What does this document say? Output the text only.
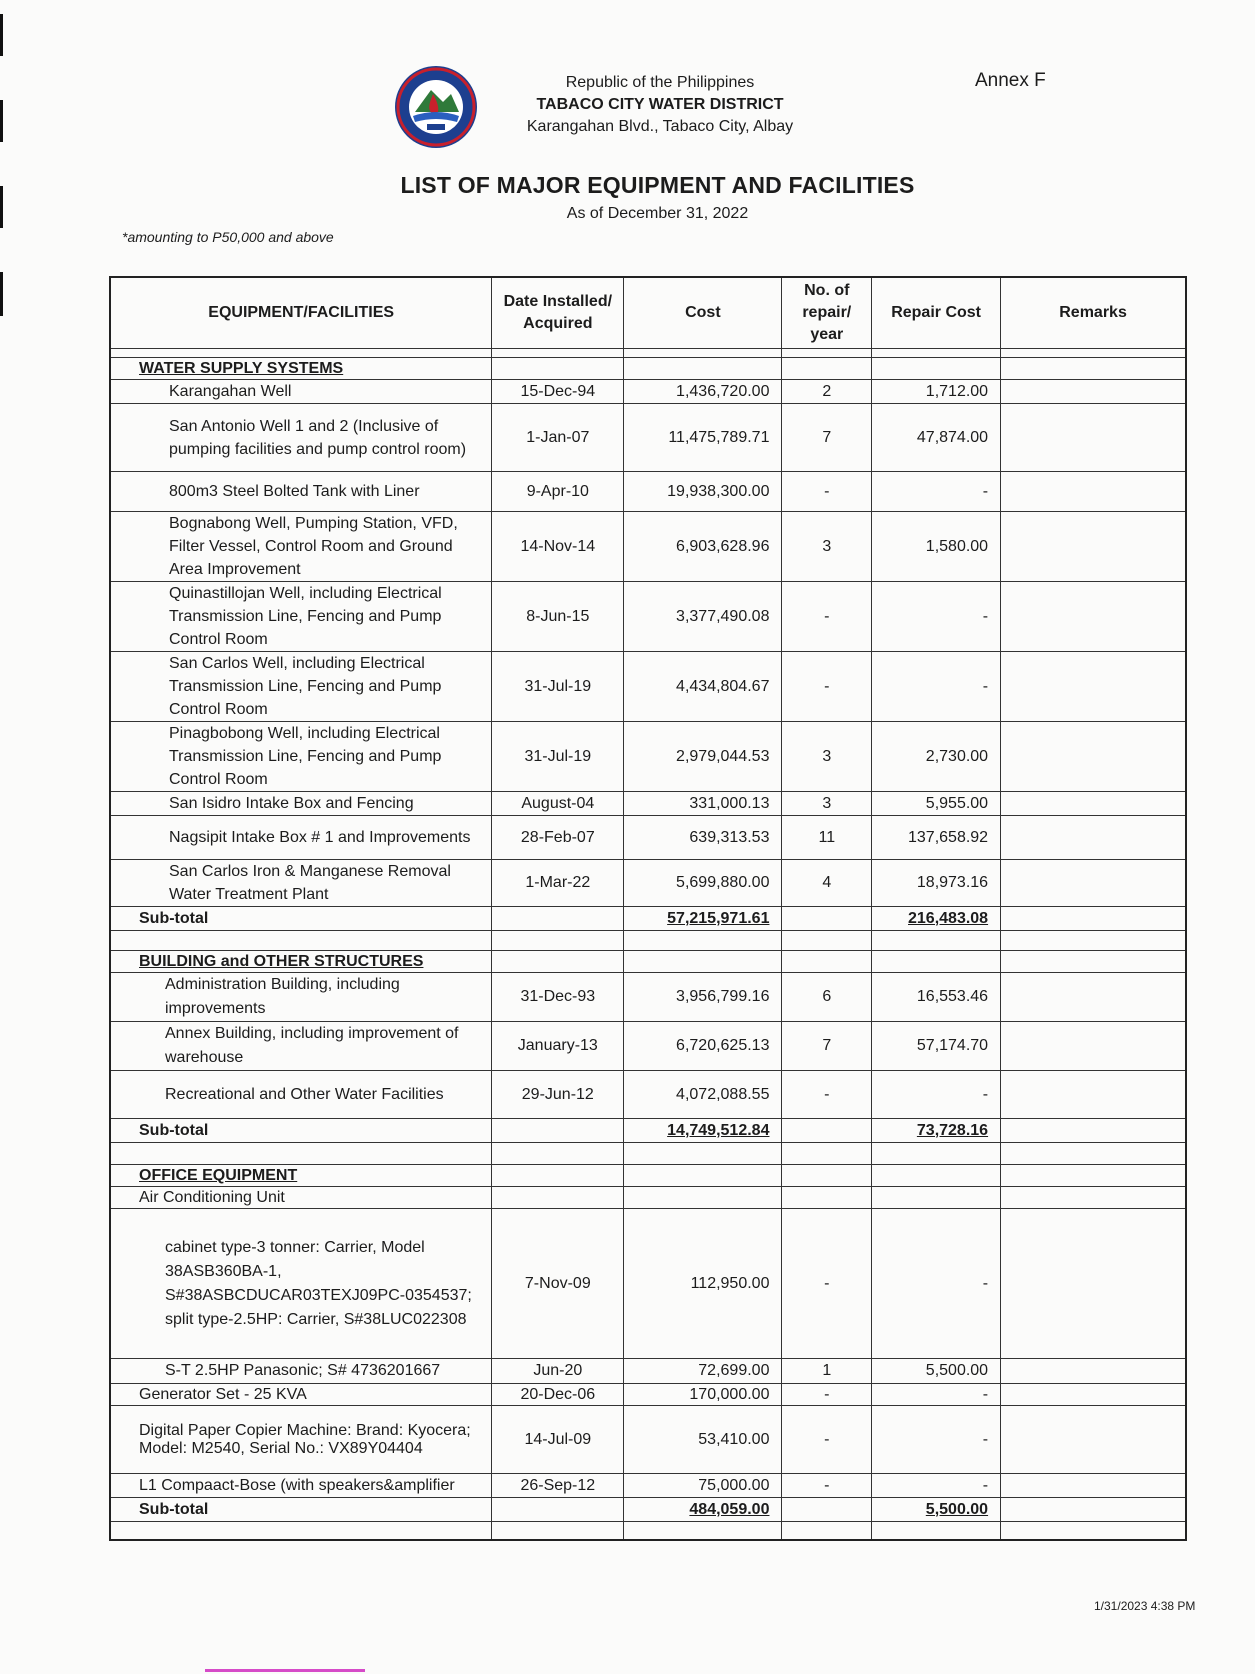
Republic of the Philippines
TABACO CITY WATER DISTRICT
Karangahan Blvd., Tabaco City, Albay
Annex F
LIST OF MAJOR EQUIPMENT AND FACILITIES
As of December 31, 2022
*amounting to P50,000 and above
EQUIPMENT/FACILITIES	Date Installed/ Acquired	Cost	No. of repair/ year	Repair Cost	Remarks

WATER SUPPLY SYSTEMS					
Karangahan Well	15-Dec-94	1,436,720.00	2	1,712.00	
San Antonio Well 1 and 2 (Inclusive of pumping facilities and pump control room)	1-Jan-07	11,475,789.71	7	47,874.00	
800m3 Steel Bolted Tank with Liner	9-Apr-10	19,938,300.00	-	-	
Bognabong Well, Pumping Station, VFD, Filter Vessel, Control Room and Ground Area Improvement	14-Nov-14	6,903,628.96	3	1,580.00	
Quinastillojan Well, including Electrical Transmission Line, Fencing and Pump Control Room	8-Jun-15	3,377,490.08	-	-	
San Carlos Well, including Electrical Transmission Line, Fencing and Pump Control Room	31-Jul-19	4,434,804.67	-	-	
Pinagbobong Well, including Electrical Transmission Line, Fencing and Pump Control Room	31-Jul-19	2,979,044.53	3	2,730.00	
San Isidro Intake Box and Fencing	August-04	331,000.13	3	5,955.00	
Nagsipit Intake Box # 1 and Improvements	28-Feb-07	639,313.53	11	137,658.92	
San Carlos Iron & Manganese Removal Water Treatment Plant	1-Mar-22	5,699,880.00	4	18,973.16	
Sub-total		57,215,971.61		216,483.08	

BUILDING and OTHER STRUCTURES					
Administration Building, including improvements	31-Dec-93	3,956,799.16	6	16,553.46	
Annex Building, including improvement of warehouse	January-13	6,720,625.13	7	57,174.70	
Recreational and Other Water Facilities	29-Jun-12	4,072,088.55	-	-	
Sub-total		14,749,512.84		73,728.16	

OFFICE EQUIPMENT					
Air Conditioning Unit					
cabinet type-3 tonner: Carrier, Model 38ASB360BA-1, S#38ASBCDUCAR03TEXJ09PC-0354537; split type-2.5HP: Carrier, S#38LUC022308	7-Nov-09	112,950.00	-	-	
S-T 2.5HP Panasonic; S# 4736201667	Jun-20	72,699.00	1	5,500.00	
Generator Set - 25 KVA	20-Dec-06	170,000.00	-	-	
Digital Paper Copier Machine: Brand: Kyocera; Model: M2540, Serial No.: VX89Y04404	14-Jul-09	53,410.00	-	-	
L1 Compaact-Bose (with speakers&amplifier	26-Sep-12	75,000.00	-	-	
Sub-total		484,059.00		5,500.00	

1/31/2023 4:38 PM
